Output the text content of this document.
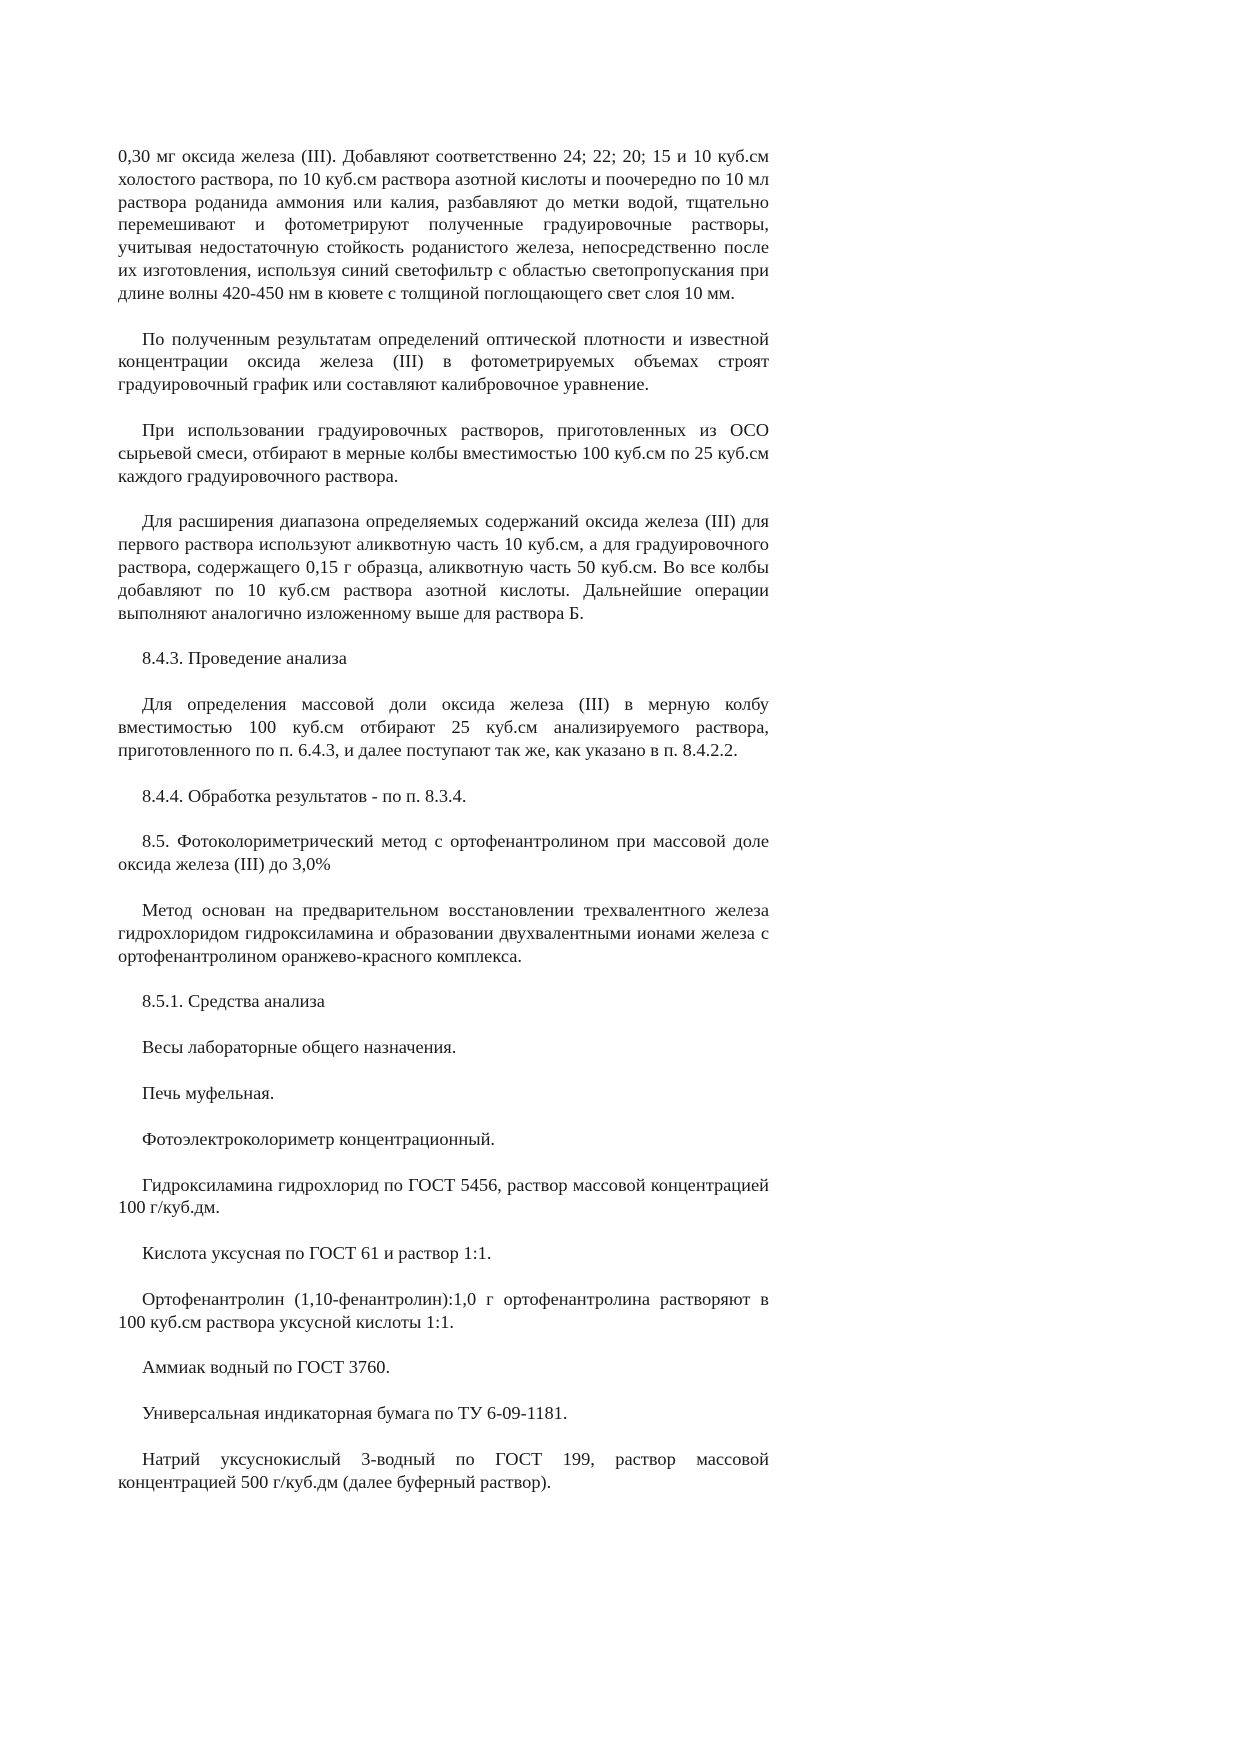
0,30 мг оксида железа (III). Добавляют соответственно 24; 22; 20; 15 и 10 куб.см холостого раствора, по 10 куб.см раствора азотной кислоты и поочередно по 10 мл раствора роданида аммония или калия, разбавляют до метки водой, тщательно перемешивают и фотометрируют полученные градуировочные растворы, учитывая недостаточную стойкость роданистого железа, непосредственно после их изготовления, используя синий светофильтр с областью светопропускания при длине волны 420-450 нм в кювете с толщиной поглощающего свет слоя 10 мм.

По полученным результатам определений оптической плотности и известной концентрации оксида железа (III) в фотометрируемых объемах строят градуировочный график или составляют калибровочное уравнение.

При использовании градуировочных растворов, приготовленных из ОСО сырьевой смеси, отбирают в мерные колбы вместимостью 100 куб.см по 25 куб.см каждого градуировочного раствора.

Для расширения диапазона определяемых содержаний оксида железа (III) для первого раствора используют аликвотную часть 10 куб.см, а для градуировочного раствора, содержащего 0,15 г образца, аликвотную часть 50 куб.см. Во все колбы добавляют по 10 куб.см раствора азотной кислоты. Дальнейшие операции выполняют аналогично изложенному выше для раствора Б.

8.4.3. Проведение анализа

Для определения массовой доли оксида железа (III) в мерную колбу вместимостью 100 куб.см отбирают 25 куб.см анализируемого раствора, приготовленного по п. 6.4.3, и далее поступают так же, как указано в п. 8.4.2.2.

8.4.4. Обработка результатов - по п. 8.3.4.

8.5. Фотоколориметрический метод с ортофенантролином при массовой доле оксида железа (III) до 3,0%

Метод основан на предварительном восстановлении трехвалентного железа гидрохлоридом гидроксиламина и образовании двухвалентными ионами железа с ортофенантролином оранжево-красного комплекса.

8.5.1. Средства анализа

Весы лабораторные общего назначения.

Печь муфельная.

Фотоэлектроколориметр концентрационный.

Гидроксиламина гидрохлорид по ГОСТ 5456, раствор массовой концентрацией 100 г/куб.дм.

Кислота уксусная по ГОСТ 61 и раствор 1:1.

Ортофенантролин (1,10-фенантролин):1,0 г ортофенантролина растворяют в 100 куб.см раствора уксусной кислоты 1:1.

Аммиак водный по ГОСТ 3760.

Универсальная индикаторная бумага по ТУ 6-09-1181.

Натрий уксуснокислый 3-водный по ГОСТ 199, раствор массовой концентрацией 500 г/куб.дм (далее буферный раствор).
